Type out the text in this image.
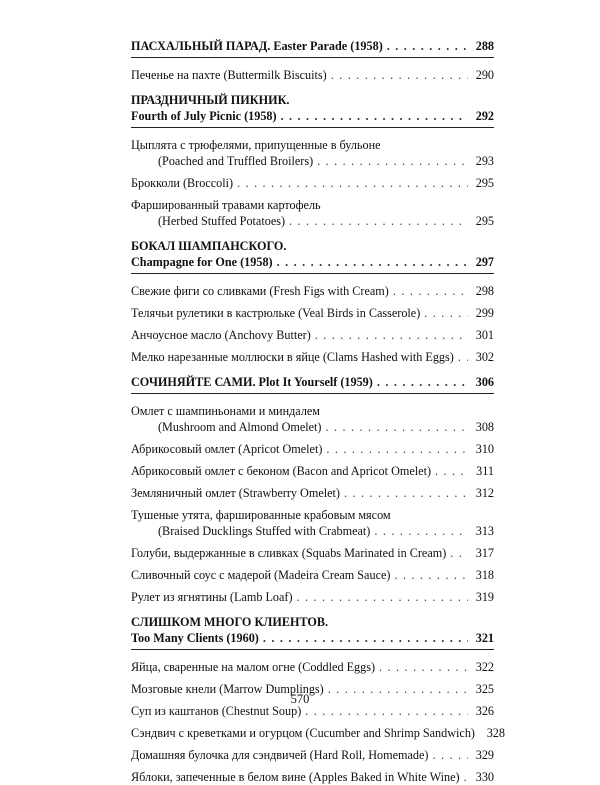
ПАСХАЛЬНЫЙ ПАРАД. Easter Parade (1958) . . .	288
Печенье на пахте (Buttermilk Biscuits) . . .	290
ПРАЗДНИЧНЫЙ ПИКНИК.
Fourth of July Picnic (1958) . . .	292
Цыплята с трюфелями, припущенные в бульоне
(Poached and Truffled Broilers) . . .	293
Брокколи (Broccoli) . . .	295
Фаршированный травами картофель
(Herbed Stuffed Potatoes) . . .	295
БОКАЛ ШАМПАНСКОГО.
Champagne for One (1958) . . .	297
Свежие фиги со сливками (Fresh Figs with Cream) . . .	298
Телячьи рулетики в кастрюльке (Veal Birds in Casserole) . . .	299
Анчоусное масло (Anchovy Butter) . . .	301
Мелко нарезанные моллюски в яйце (Clams Hashed with Eggs) . . .	302
СОЧИНЯЙТЕ САМИ. Plot It Yourself (1959) . . .	306
Омлет с шампиньонами и миндалем
(Mushroom and Almond Omelet) . . .	308
Абрикосовый омлет (Apricot Omelet) . . .	310
Абрикосовый омлет с беконом (Bacon and Apricot Omelet) . . .	311
Земляничный омлет (Strawberry Omelet) . . .	312
Тушеные утята, фаршированные крабовым мясом
(Braised Ducklings Stuffed with Crabmeat) . . .	313
Голуби, выдержанные в сливках (Squabs Marinated in Cream) . . .	317
Сливочный соус с мадерой (Madeira Cream Sauce) . . .	318
Рулет из ягнятины (Lamb Loaf) . . .	319
СЛИШКОМ МНОГО КЛИЕНТОВ.
Too Many Clients (1960) . . .	321
Яйца, сваренные на малом огне (Coddled Eggs) . . .	322
Мозговые кнели (Marrow Dumplings) . . .	325
Суп из каштанов (Chestnut Soup) . . .	326
Сэндвич с креветками и огурцом (Cucumber and Shrimp Sandwich) 328
Домашняя булочка для сэндвичей (Hard Roll, Homemade) . . .	329
Яблоки, запеченные в белом вине (Apples Baked in White Wine) . . .	330
570
